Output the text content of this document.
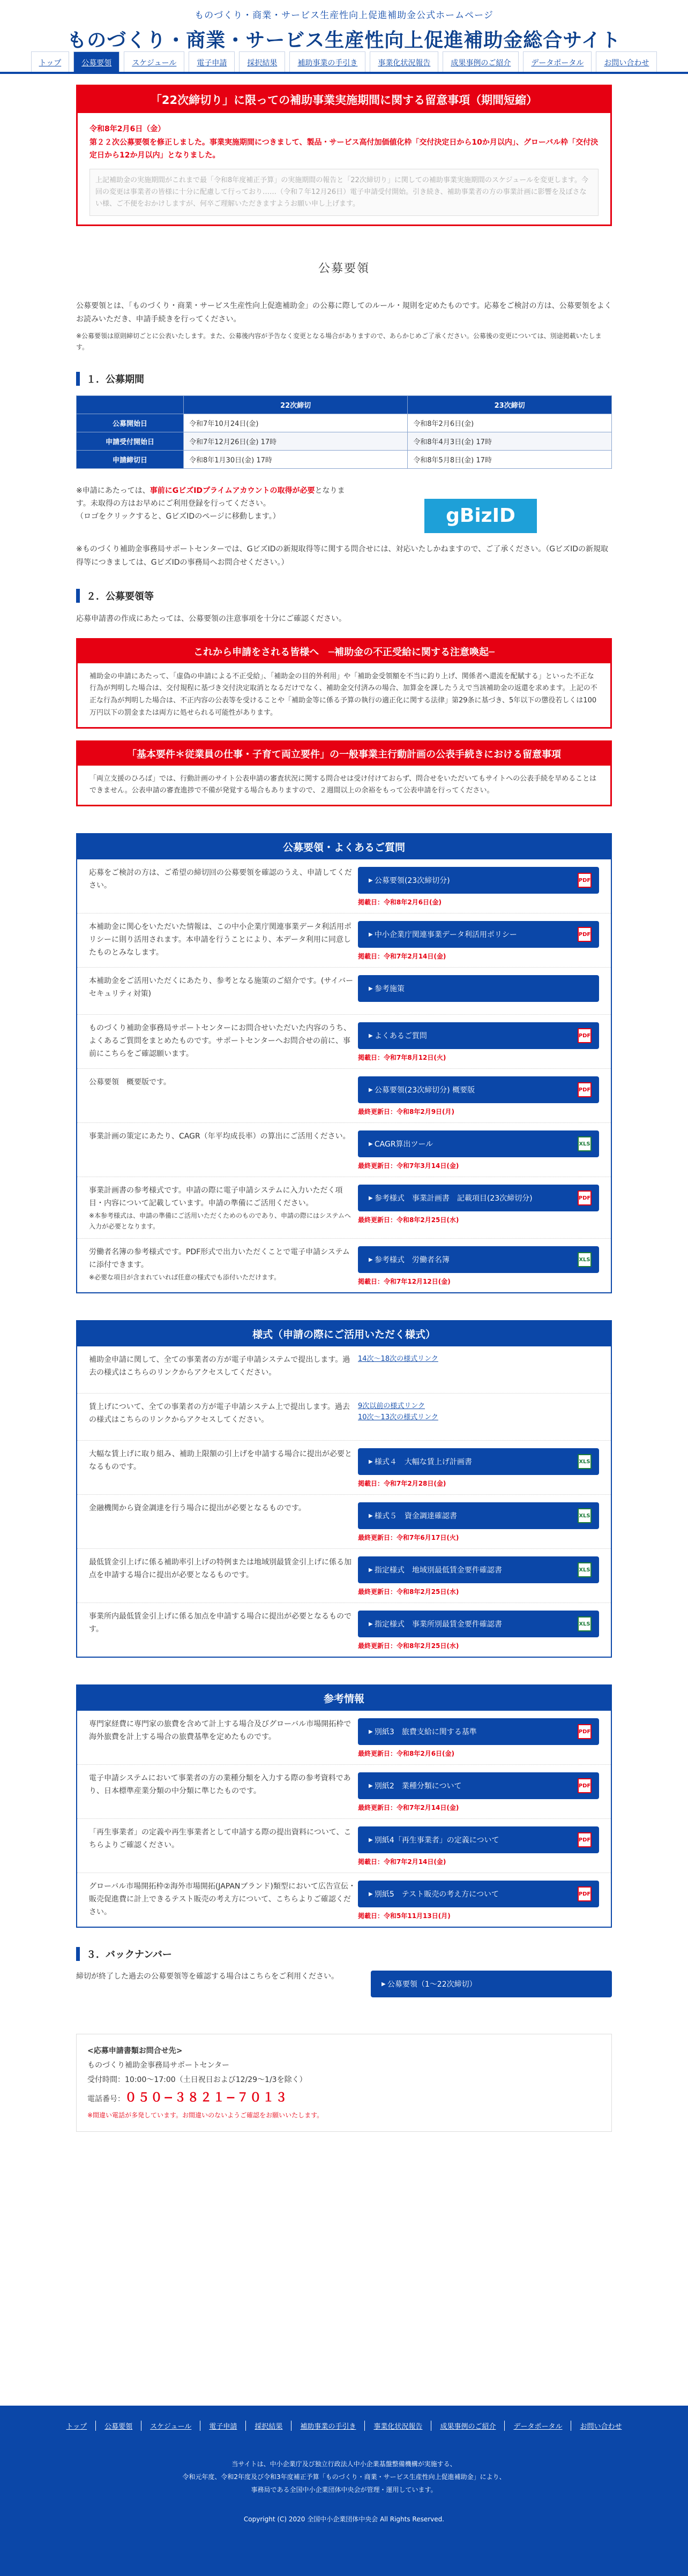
ものづくり・商業・サービス生産性向上促進補助金公式ホームページ
ものづくり・商業・サービス生産性向上促進補助金総合サイト
トップ	公募要領	スケジュール	電子申請	採択結果	補助事業の手引き	事業化状況報告	成果事例のご紹介	データポータル	お問い合わせ
「22次締切り」に限っての補助事業実施期間に関する留意事項（期間短縮）
令和8年2月6日（金）
第２２次公募要領を修正しました。事業実施期間につきまして、製品・サービス高付加価値化枠「交付決定日から10か月以内」、グローバル枠「交付決定日から12か月以内」となりました。
上記補助金の実施期間がこれまで最「令和8年度補正予算」の実施期間の報告と「22次締切り」に関しての補助事業実施期間のスケジュールを変更します。今回の変更は事業者の皆様に十分に配慮して行っており……（令和７年12月26日）電子申請受付開始。引き続き、補助事業者の方の事業計画に影響を及ぼさない様、ご不便をおかけしますが、何卒ご理解いただきますようお願い申し上げます。
公募要領

公募要領とは、「ものづくり・商業・サービス生産性向上促進補助金」の公募に際してのルール・規則を定めたものです。応募をご検討の方は、公募要領をよくお読みいただき、申請手続きを行ってください。

※公募要領は原則締切ごとに公表いたします。また、公募後内容が予告なく変更となる場合がありますので、あらかじめご了承ください。公募後の変更については、別途掲載いたします。

１．公募期間
	22次締切	23次締切
公募開始日	令和7年10月24日(金)	令和8年2月6日(金)
申請受付開始日	令和7年12月26日(金) 17時	令和8年4月3日(金) 17時
申請締切日	令和8年1月30日(金) 17時	令和8年5月8日(金) 17時
※申請にあたっては、事前にGビズIDプライムアカウントの取得が必要となります。未取得の方はお早めにご利用登録を行ってください。
（ロゴをクリックすると、GビズIDのページに移動します。）	gBizID

※ものづくり補助金事務局サポートセンターでは、GビズIDの新規取得等に関する問合せには、対応いたしかねますので、ご了承ください。（GビズIDの新規取得等につきましては、GビズIDの事務局へお問合せください。）

２．公募要領等

応募申請書の作成にあたっては、公募要領の注意事項を十分にご確認ください。

これから申請をされる皆様へ　─補助金の不正受給に関する注意喚起─
補助金の申請にあたって、「虚偽の申請による不正受給」、「補助金の目的外利用」や「補助金受領額を不当に釣り上げ、関係者へ還流を配賦する」といった不正な行為が判明した場合は、交付規程に基づき交付決定取消となるだけでなく、補助金交付済みの場合、加算金を課したうえで当該補助金の返還を求めます。上記の不正な行為が判明した場合は、不正内容の公表等を受けることや「補助金等に係る予算の執行の適正化に関する法律」第29条に基づき、5年以下の懲役若しくは100万円以下の罰金または両方に処せられる可能性があります。
「基本要件＊従業員の仕事・子育て両立要件」の一般事業主行動計画の公表手続きにおける留意事項
「両立支援のひろば」では、行動計画のサイト公表申請の審査状況に関する問合せは受け付けておらず、問合せをいただいてもサイトへの公表手続を早めることはできません。公表申請の審査進捗で不備が発覚する場合もありますので、２週間以上の余裕をもって公表申請を行ってください。
公募要領・よくあるご質問
応募をご検討の方は、ご希望の締切回の公募要領を確認のうえ、申請してください。
▶ 公募要領(23次締切分)	PDF
掲載日：令和8年2月6日(金)
本補助金に関心をいただいた情報は、この中小企業庁関連事業データ利活用ポリシーに則り活用されます。本申請を行うことにより、本データ利用に同意したものとみなします。
▶ 中小企業庁関連事業データ利活用ポリシー	PDF
掲載日：令和7年2月14日(金)
本補助金をご活用いただくにあたり、参考となる施策のご紹介です。(サイバーセキュリティ対策)
▶ 参考施策
ものづくり補助金事務局サポートセンターにお問合せいただいた内容のうち、よくあるご質問をまとめたものです。サポートセンターへお問合せの前に、事前にこちらをご確認願います。
▶ よくあるご質問	PDF
掲載日：令和7年8月12日(火)
公募要領　概要版です。
▶ 公募要領(23次締切分) 概要版	PDF
最終更新日：令和8年2月9日(月)
事業計画の策定にあたり、CAGR（年平均成長率）の算出にご活用ください。
▶ CAGR算出ツール	XLS
最終更新日：令和7年3月14日(金)
事業計画書の参考様式です。申請の際に電子申請システムに入力いただく項目・内容について記載しています。申請の準備にご活用ください。
※本参考様式は、申請の準備にご活用いただくためのものであり、申請の際にはシステムへ入力が必要となります。
▶ 参考様式　事業計画書　記載項目(23次締切分)	PDF
最終更新日：令和8年2月25日(水)
労働者名簿の参考様式です。PDF形式で出力いただくことで電子申請システムに添付できます。
※必要な項目が含まれていれば任意の様式でも添付いただけます。
▶ 参考様式　労働者名簿	XLS
掲載日：令和7年12月12日(金)
様式（申請の際にご活用いただく様式）
補助金申請に関して、全ての事業者の方が電子申請システムで提出します。過去の様式はこちらのリンクからアクセスしてください。
14次〜18次の様式リンク
賃上げについて、全ての事業者の方が電子申請システム上で提出します。過去の様式はこちらのリンクからアクセスしてください。
9次以前の様式リンク
10次〜13次の様式リンク
大幅な賃上げに取り組み、補助上限額の引上げを申請する場合に提出が必要となるものです。
▶ 様式４　大幅な賃上げ計画書	XLS
掲載日：令和7年2月28日(金)
金融機関から資金調達を行う場合に提出が必要となるものです。
▶ 様式５　資金調達確認書	XLS
最終更新日：令和7年6月17日(火)
最低賃金引上げに係る補助率引上げの特例または地域別最賃金引上げに係る加点を申請する場合に提出が必要となるものです。
▶ 指定様式　地域別最低賃金要件確認書	XLS
最終更新日：令和8年2月25日(水)
事業所内最低賃金引上げに係る加点を申請する場合に提出が必要となるものです。
▶ 指定様式　事業所別最賃金要件確認書	XLS
最終更新日：令和8年2月25日(水)
参考情報
専門家経費に専門家の旅費を含めて計上する場合及びグローバル市場開拓枠で海外旅費を計上する場合の旅費基準を定めたものです。
▶ 別紙3　旅費支給に関する基準	PDF
最終更新日：令和8年2月6日(金)
電子申請システムにおいて事業者の方の業種分類を入力する際の参考資料であり、日本標準産業分類の中分類に準じたものです。
▶ 別紙2　業種分類について	PDF
最終更新日：令和7年2月14日(金)
「再生事業者」の定義や再生事業者として申請する際の提出資料について、こちらよりご確認ください。
▶ 別紙4「再生事業者」の定義について	PDF
掲載日：令和7年2月14日(金)
グローバル市場開拓枠②海外市場開拓(JAPANブランド)類型において広告宣伝・販売促進費に計上できるテスト販売の考え方について、こちらよりご確認ください。
▶ 別紙5　テスト販売の考え方について	PDF
掲載日：令和5年11月13日(月)
３．バックナンバー
締切が終了した過去の公募要領等を確認する場合はこちらをご利用ください。
▶ 公募要領（1〜22次締切）
<応募申請書類お問合せ先>
ものづくり補助金事務局サポートセンター
受付時間：10:00〜17:00（土日祝日および12/29〜1/3を除く）
電話番号：０５０−３８２１−７０１３
※間違い電話が多発しています。お間違いのないようご確認をお願いいたします。
トップ	公募要領	スケジュール	電子申請	採択結果	補助事業の手引き	事業化状況報告	成果事例のご紹介	データポータル	お問い合わせ
当サイトは、中小企業庁及び独立行政法人中小企業基盤整備機構が実施する、
令和元年度、令和2年度及び令和3年度補正予算「ものづくり・商業・サービス生産性向上促進補助金」により、
事務局である全国中小企業団体中央会が管理・運用しています。
Copyright (C) 2020 全国中小企業団体中央会 All Rights Reserved.
